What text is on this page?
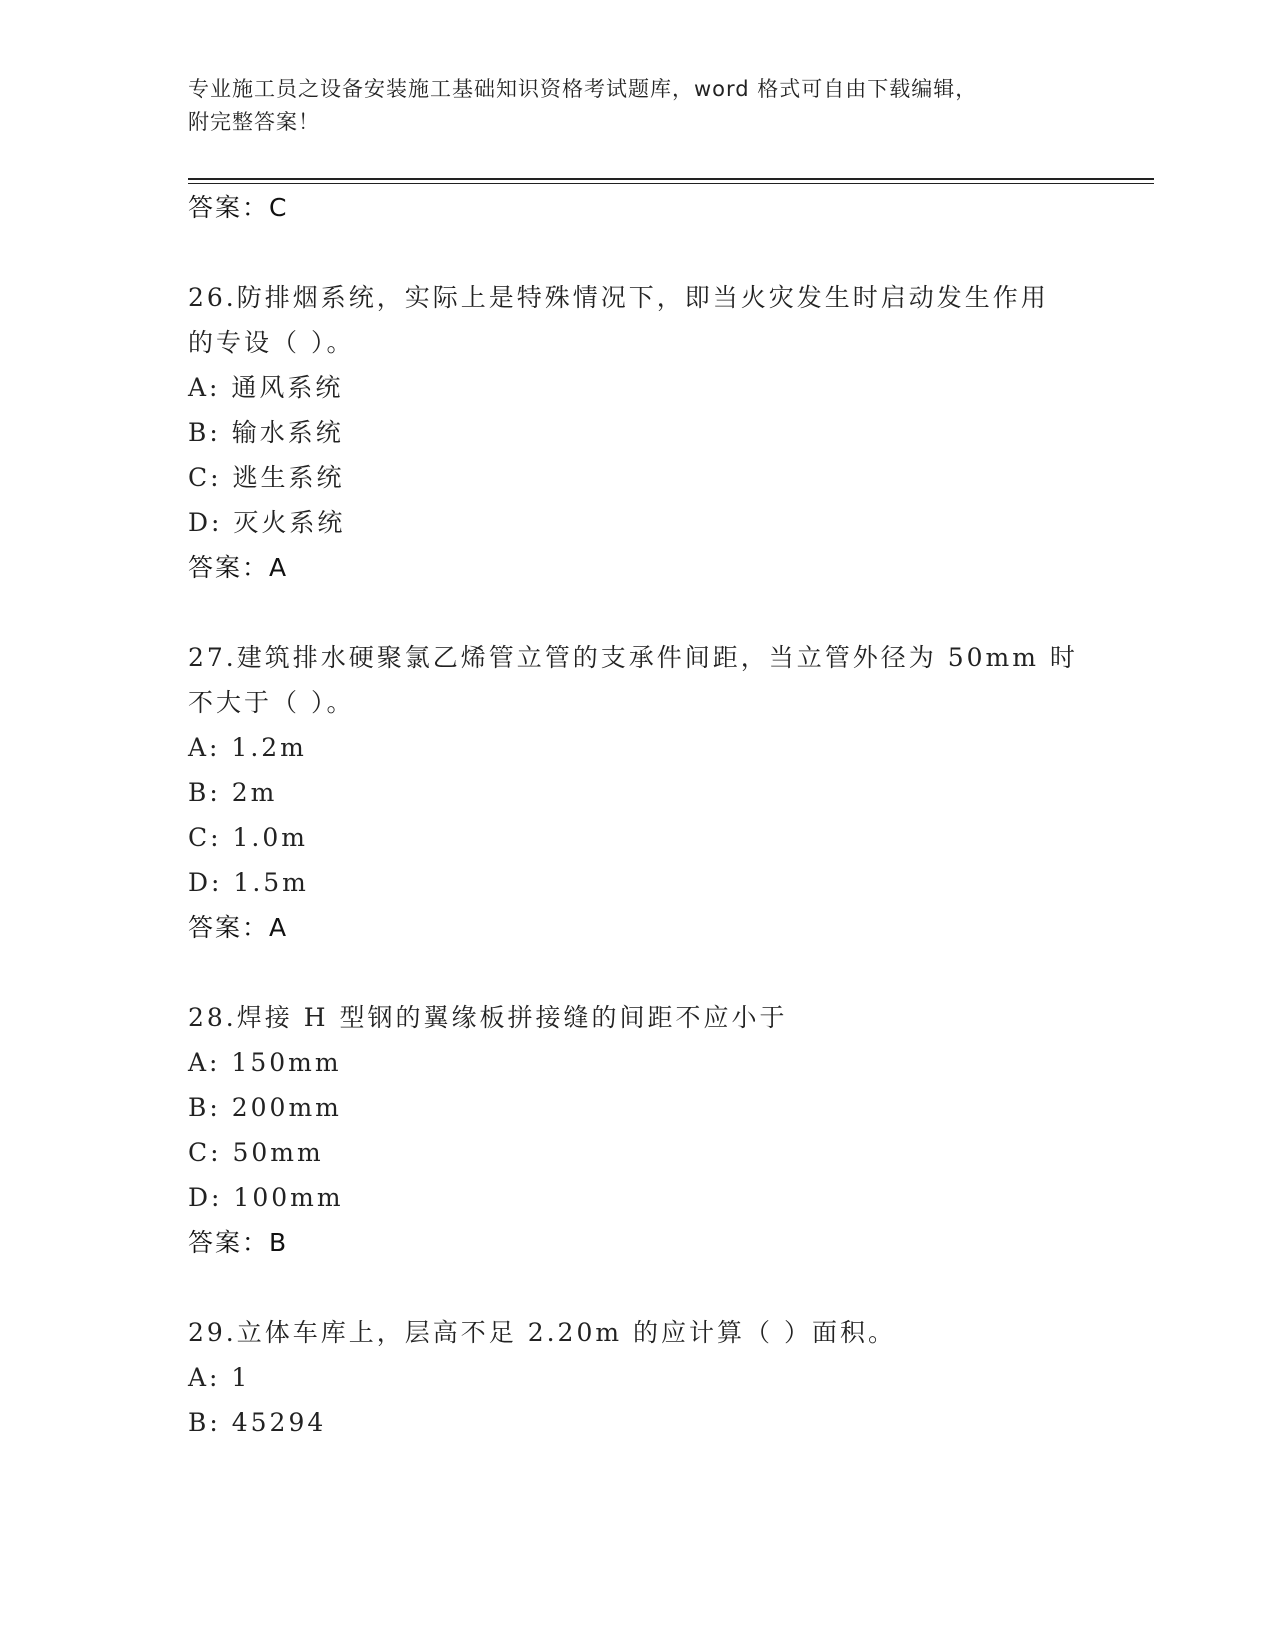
专业施工员之设备安装施工基础知识资格考试题库，word 格式可自由下载编辑，
附完整答案！
答案：C
26.防排烟系统，实际上是特殊情况下，即当火灾发生时启动发生作用
的专设（ ）。
A: 通风系统
B: 输水系统
C: 逃生系统
D: 灭火系统
答案：A
27.建筑排水硬聚氯乙烯管立管的支承件间距，当立管外径为 50mm 时
不大于（ ）。
A: 1.2m
B: 2m
C: 1.0m
D: 1.5m
答案：A
28.焊接 H 型钢的翼缘板拼接缝的间距不应小于
A: 150mm
B: 200mm
C: 50mm
D: 100mm
答案：B
29.立体车库上，层高不足 2.20m 的应计算（ ）面积。
A: 1
B: 45294
